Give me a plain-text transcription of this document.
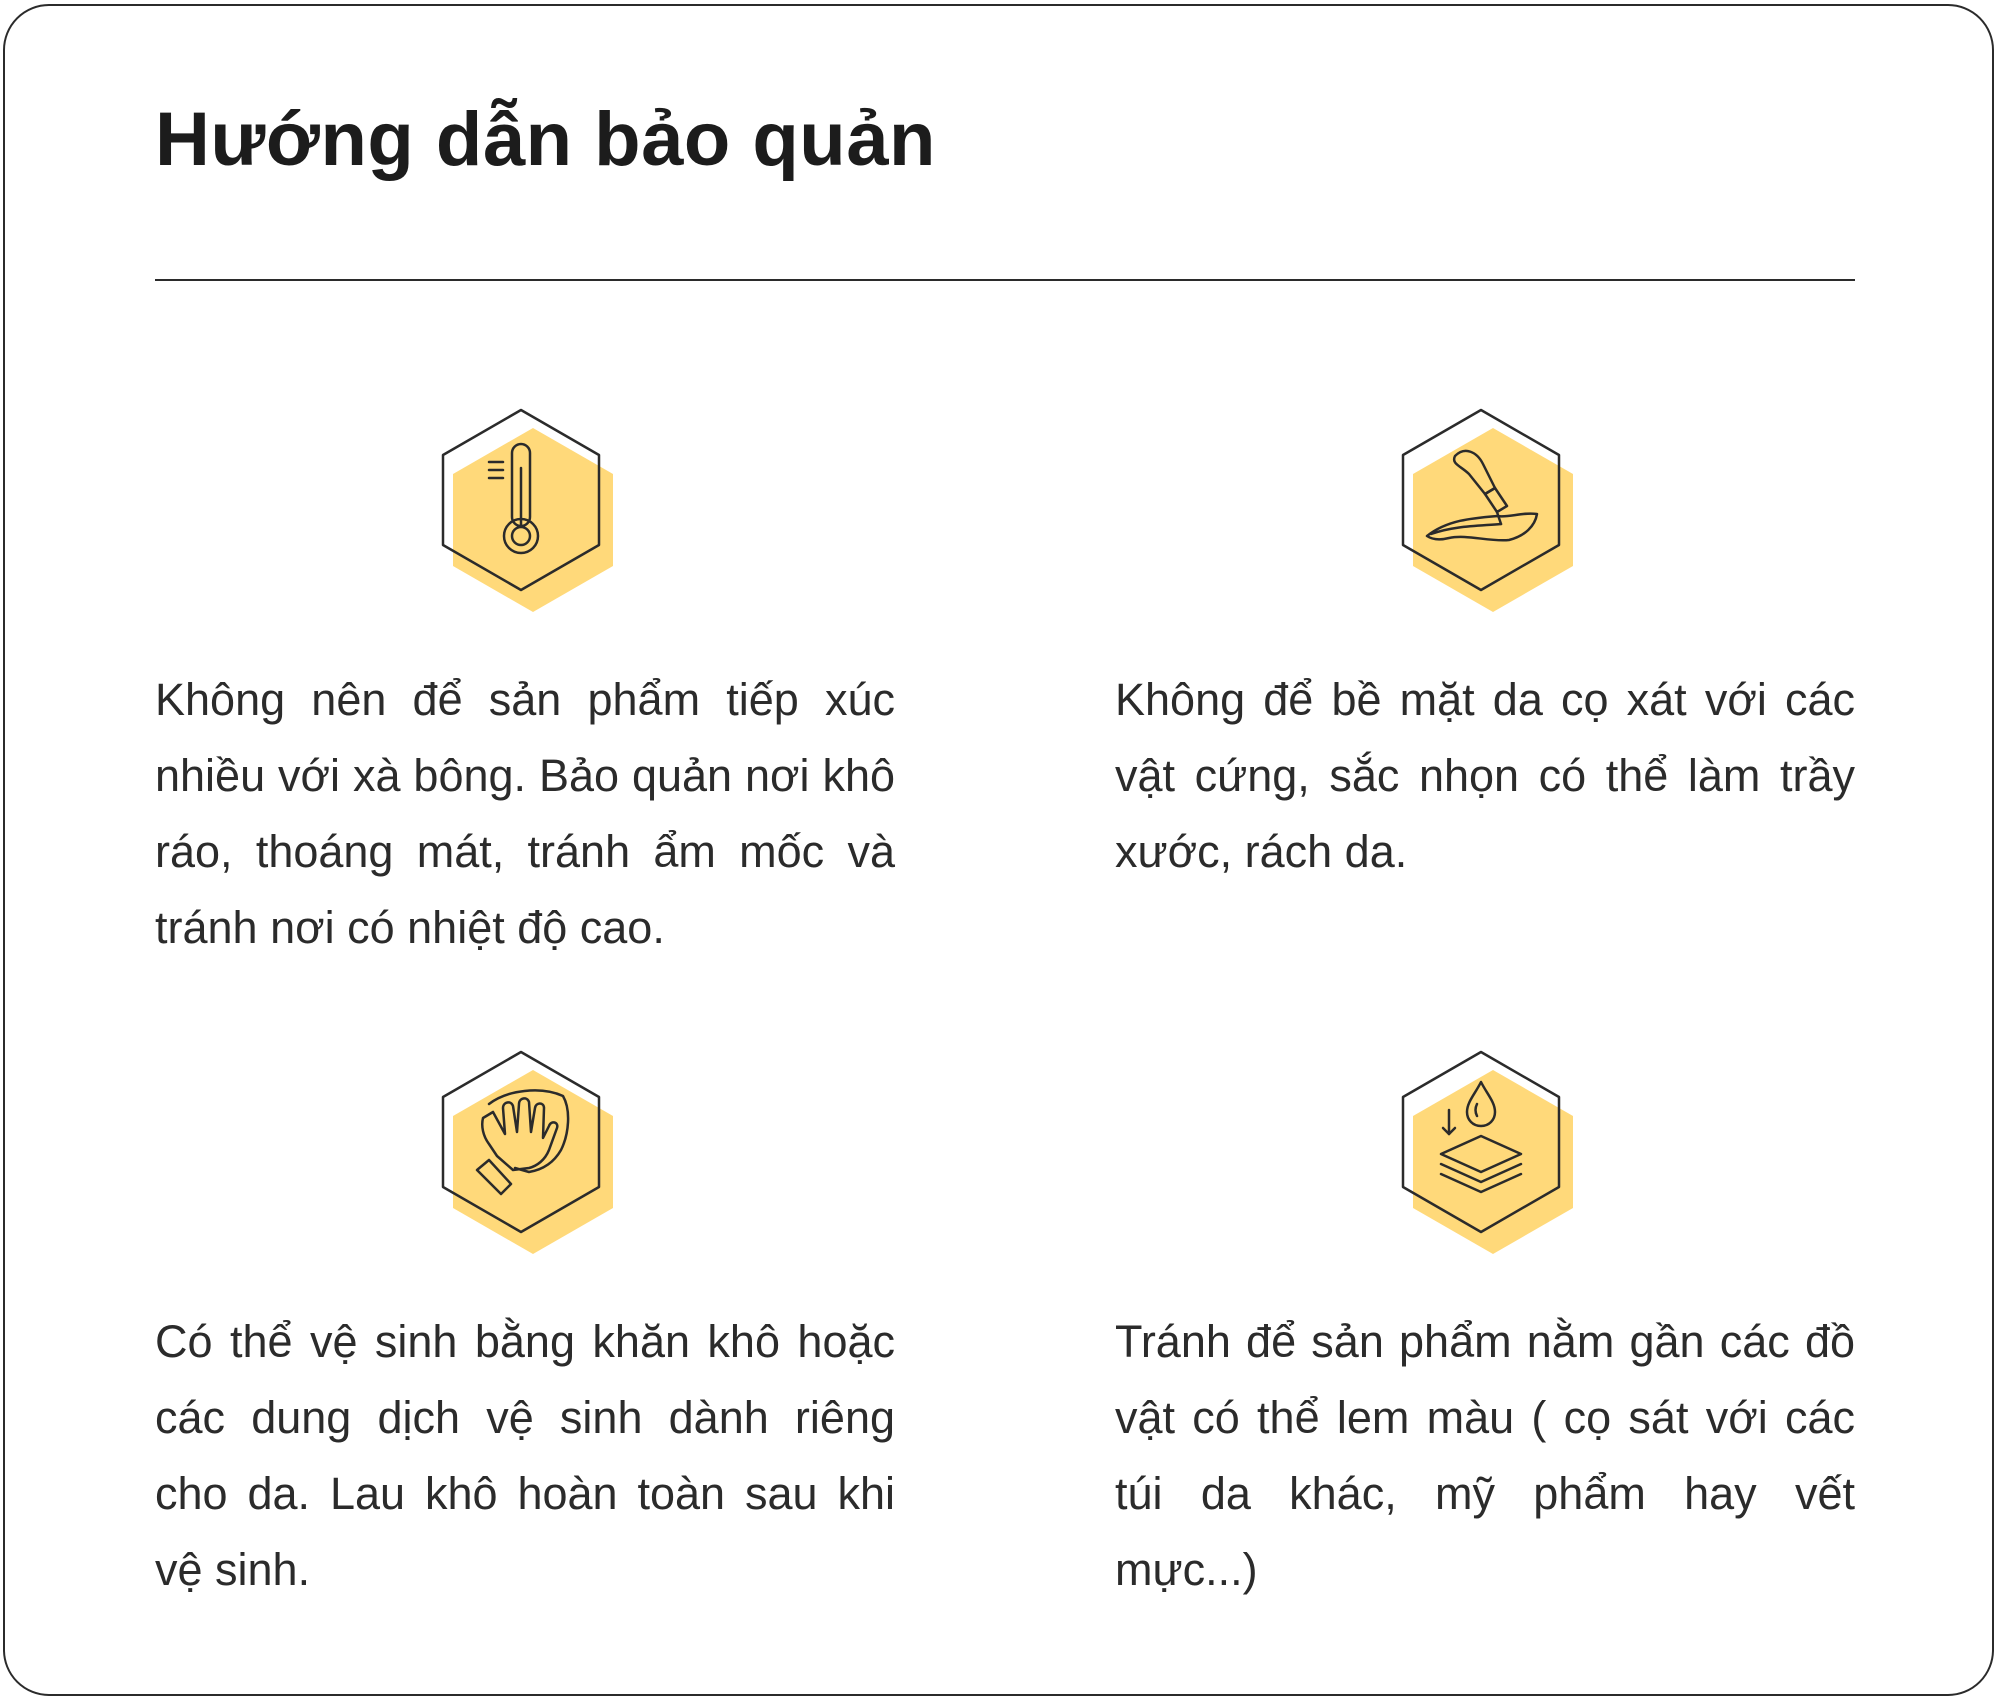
Hướng dẫn bảo quản

Không nên để sản phẩm tiếp xúc nhiều với xà bông. Bảo quản nơi khô ráo, thoáng mát, tránh ẩm mốc và tránh nơi có nhiệt độ cao.

Không để bề mặt da cọ xát với các vật cứng, sắc nhọn có thể làm trầy xước, rách da.

Có thể vệ sinh bằng khăn khô hoặc các dung dịch vệ sinh dành riêng cho da. Lau khô hoàn toàn sau khi vệ sinh.

Tránh để sản phẩm nằm gần các đồ vật có thể lem màu ( cọ sát với các túi da khác, mỹ phẩm hay vết mực...)
